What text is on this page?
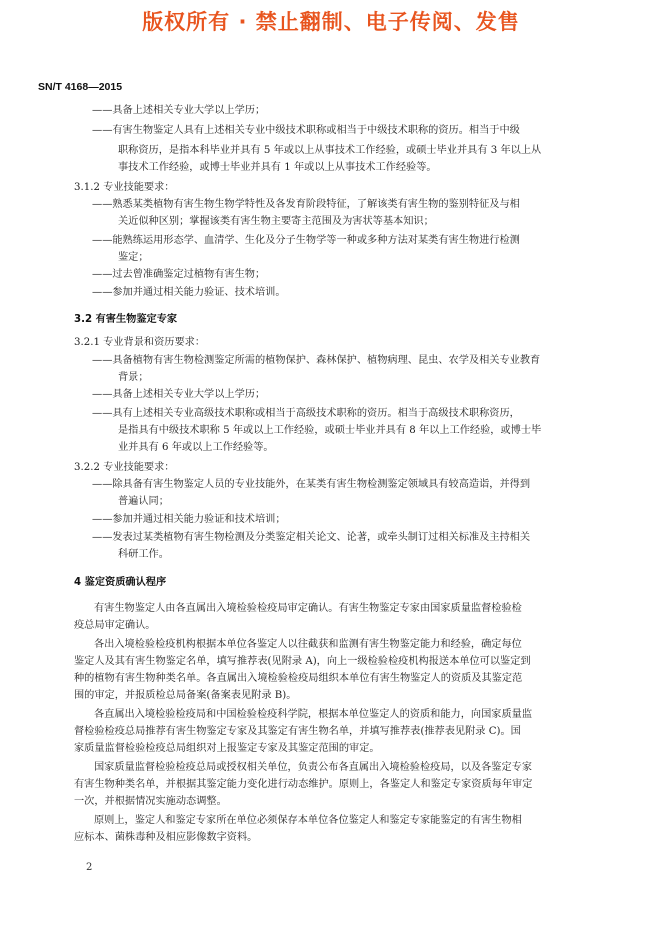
版权所有 · 禁止翻制、电子传阅、发售
SN/T 4168—2015
——具备上述相关专业大学以上学历；
——有害生物鉴定人具有上述相关专业中级技术职称或相当于中级技术职称的资历。相当于中级
职称资历，是指本科毕业并具有 5 年或以上从事技术工作经验，或硕士毕业并具有 3 年以上从
事技术工作经验，或博士毕业并具有 1 年或以上从事技术工作经验等。
3.1.2 专业技能要求：
——熟悉某类植物有害生物生物学特性及各发育阶段特征，了解该类有害生物的鉴别特征及与相
关近似种区别；掌握该类有害生物主要寄主范围及为害状等基本知识；
——能熟练运用形态学、血清学、生化及分子生物学等一种或多种方法对某类有害生物进行检测
鉴定；
——过去曾准确鉴定过植物有害生物；
——参加并通过相关能力验证、技术培训。
3.2 有害生物鉴定专家
3.2.1 专业背景和资历要求：
——具备植物有害生物检测鉴定所需的植物保护、森林保护、植物病理、昆虫、农学及相关专业教育
背景；
——具备上述相关专业大学以上学历；
——具有上述相关专业高级技术职称或相当于高级技术职称的资历。相当于高级技术职称资历，
是指具有中级技术职称 5 年或以上工作经验，或硕士毕业并具有 8 年以上工作经验，或博士毕
业并具有 6 年或以上工作经验等。
3.2.2 专业技能要求：
——除具备有害生物鉴定人员的专业技能外，在某类有害生物检测鉴定领域具有较高造诣，并得到
普遍认同；
——参加并通过相关能力验证和技术培训；
——发表过某类植物有害生物检测及分类鉴定相关论文、论著，或牵头制订过相关标准及主持相关
科研工作。
4 鉴定资质确认程序
有害生物鉴定人由各直属出入境检验检疫局审定确认。有害生物鉴定专家由国家质量监督检验检
疫总局审定确认。
各出入境检验检疫机构根据本单位各鉴定人以往截获和监测有害生物鉴定能力和经验，确定每位
鉴定人及其有害生物鉴定名单，填写推荐表(见附录 A)，向上一级检验检疫机构报送本单位可以鉴定到
种的植物有害生物种类名单。各直属出入境检验检疫局组织本单位有害生物鉴定人的资质及其鉴定范
围的审定，并报质检总局备案(备案表见附录 B)。
各直属出入境检验检疫局和中国检验检疫科学院，根据本单位鉴定人的资质和能力，向国家质量监
督检验检疫总局推荐有害生物鉴定专家及其鉴定有害生物名单，并填写推荐表(推荐表见附录 C)。国
家质量监督检验检疫总局组织对上报鉴定专家及其鉴定范围的审定。
国家质量监督检验检疫总局或授权相关单位，负责公布各直属出入境检验检疫局，以及各鉴定专家
有害生物种类名单，并根据其鉴定能力变化进行动态维护。原则上，各鉴定人和鉴定专家资质每年审定
一次，并根据情况实施动态调整。
原则上，鉴定人和鉴定专家所在单位必须保存本单位各位鉴定人和鉴定专家能鉴定的有害生物相
应标本、菌株毒种及相应影像数字资料。
2
